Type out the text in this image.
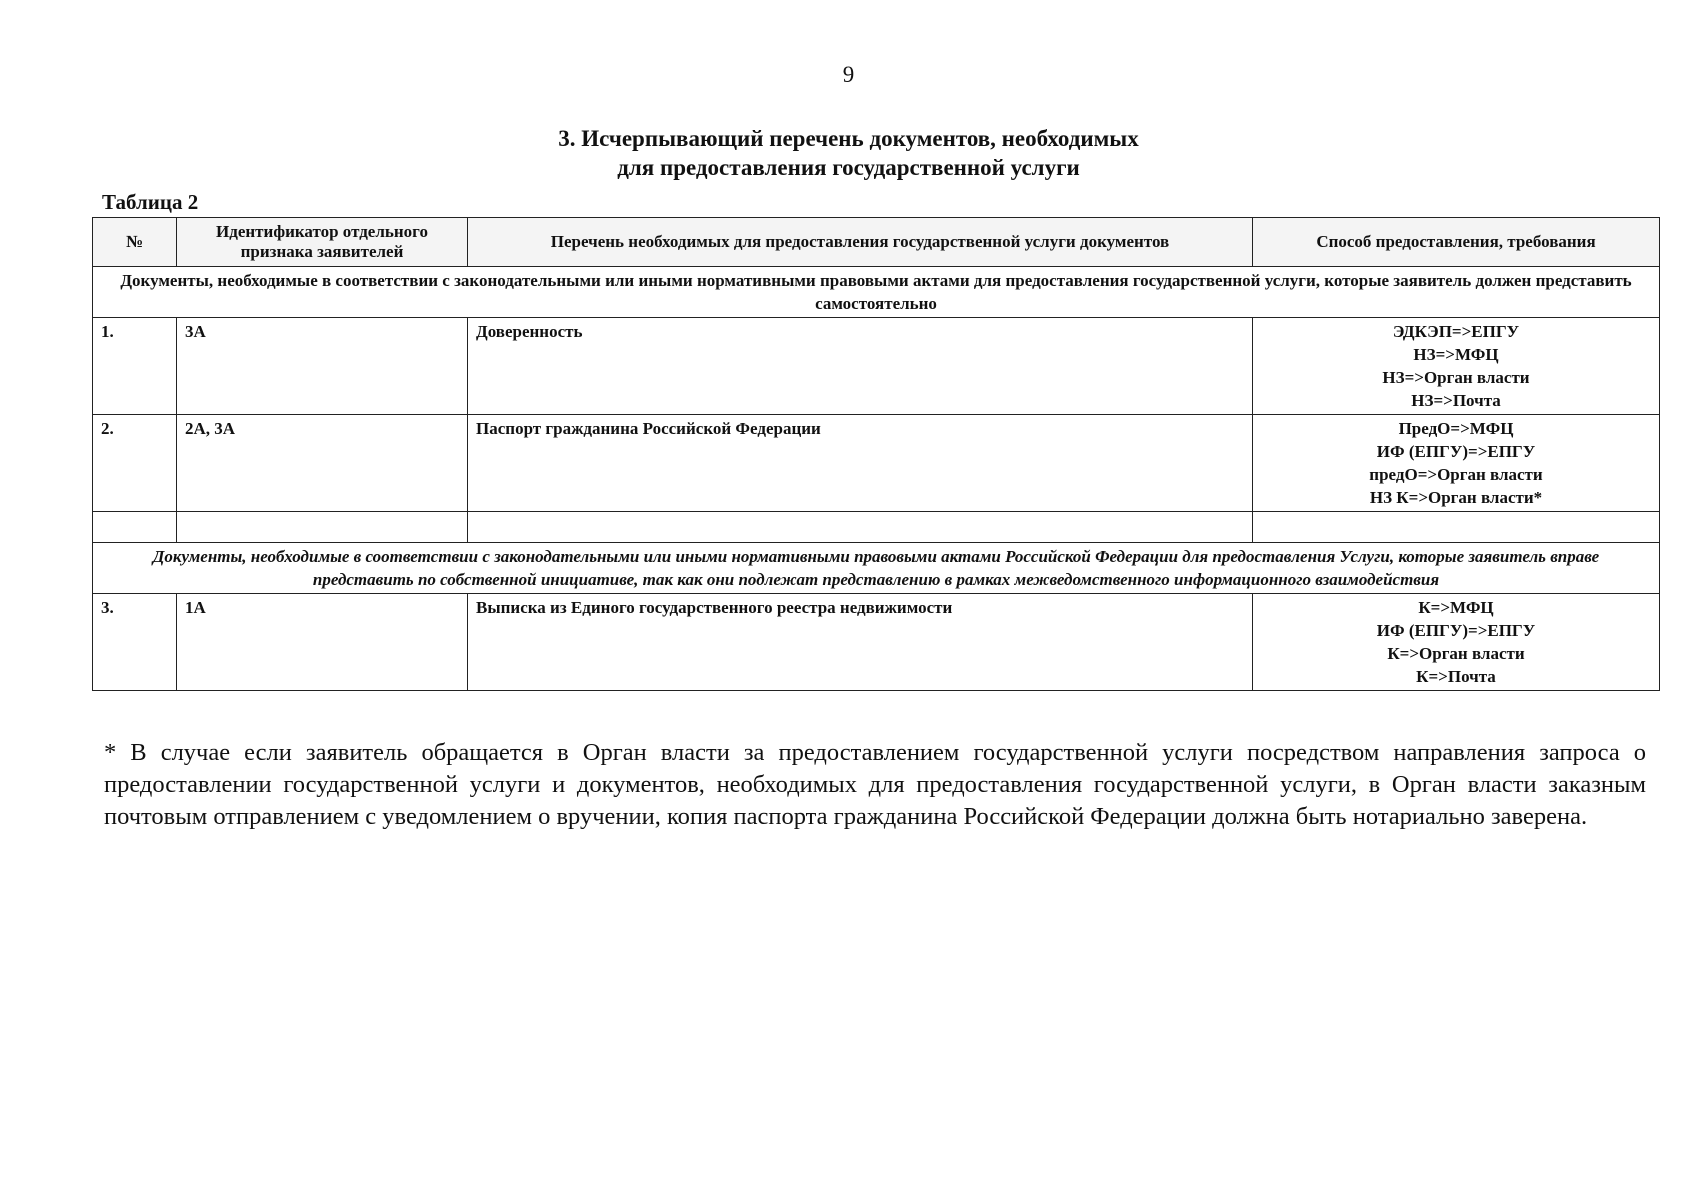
9
3. Исчерпывающий перечень документов, необходимых
для предоставления государственной услуги
Таблица 2
№	Идентификатор отдельного признака заявителей	Перечень необходимых для предоставления государственной услуги документов	Способ предоставления, требования
Документы, необходимые в соответствии с законодательными или иными нормативными правовыми актами для предоставления государственной услуги, которые заявитель должен представить самостоятельно			
1.	3А	Доверенность	ЭДКЭП=>ЕПГУ
НЗ=>МФЦ
НЗ=>Орган власти
НЗ=>Почта

2.	2А, 3А	Паспорт гражданина Российской Федерации	ПредО=>МФЦ
ИФ (ЕПГУ)=>ЕПГУ
предО=>Орган власти
НЗ К=>Орган власти*

Документы, необходимые в соответствии с законодательными или иными нормативными правовыми актами Российской Федерации для предоставления Услуги, которые заявитель вправе представить по собственной инициативе, так как они подлежат представлению в рамках межведомственного информационного взаимодействия			
3.	1А	Выписка из Единого государственного реестра недвижимости	К=>МФЦ
ИФ (ЕПГУ)=>ЕПГУ
К=>Орган власти
К=>Почта
* В случае если заявитель обращается в Орган власти за предоставлением государственной услуги посредством направления запроса о предоставлении государственной услуги и документов, необходимых для предоставления государственной услуги, в Орган власти заказным почтовым отправлением с уведомлением о вручении, копия паспорта гражданина Российской Федерации должна быть нотариально заверена.
